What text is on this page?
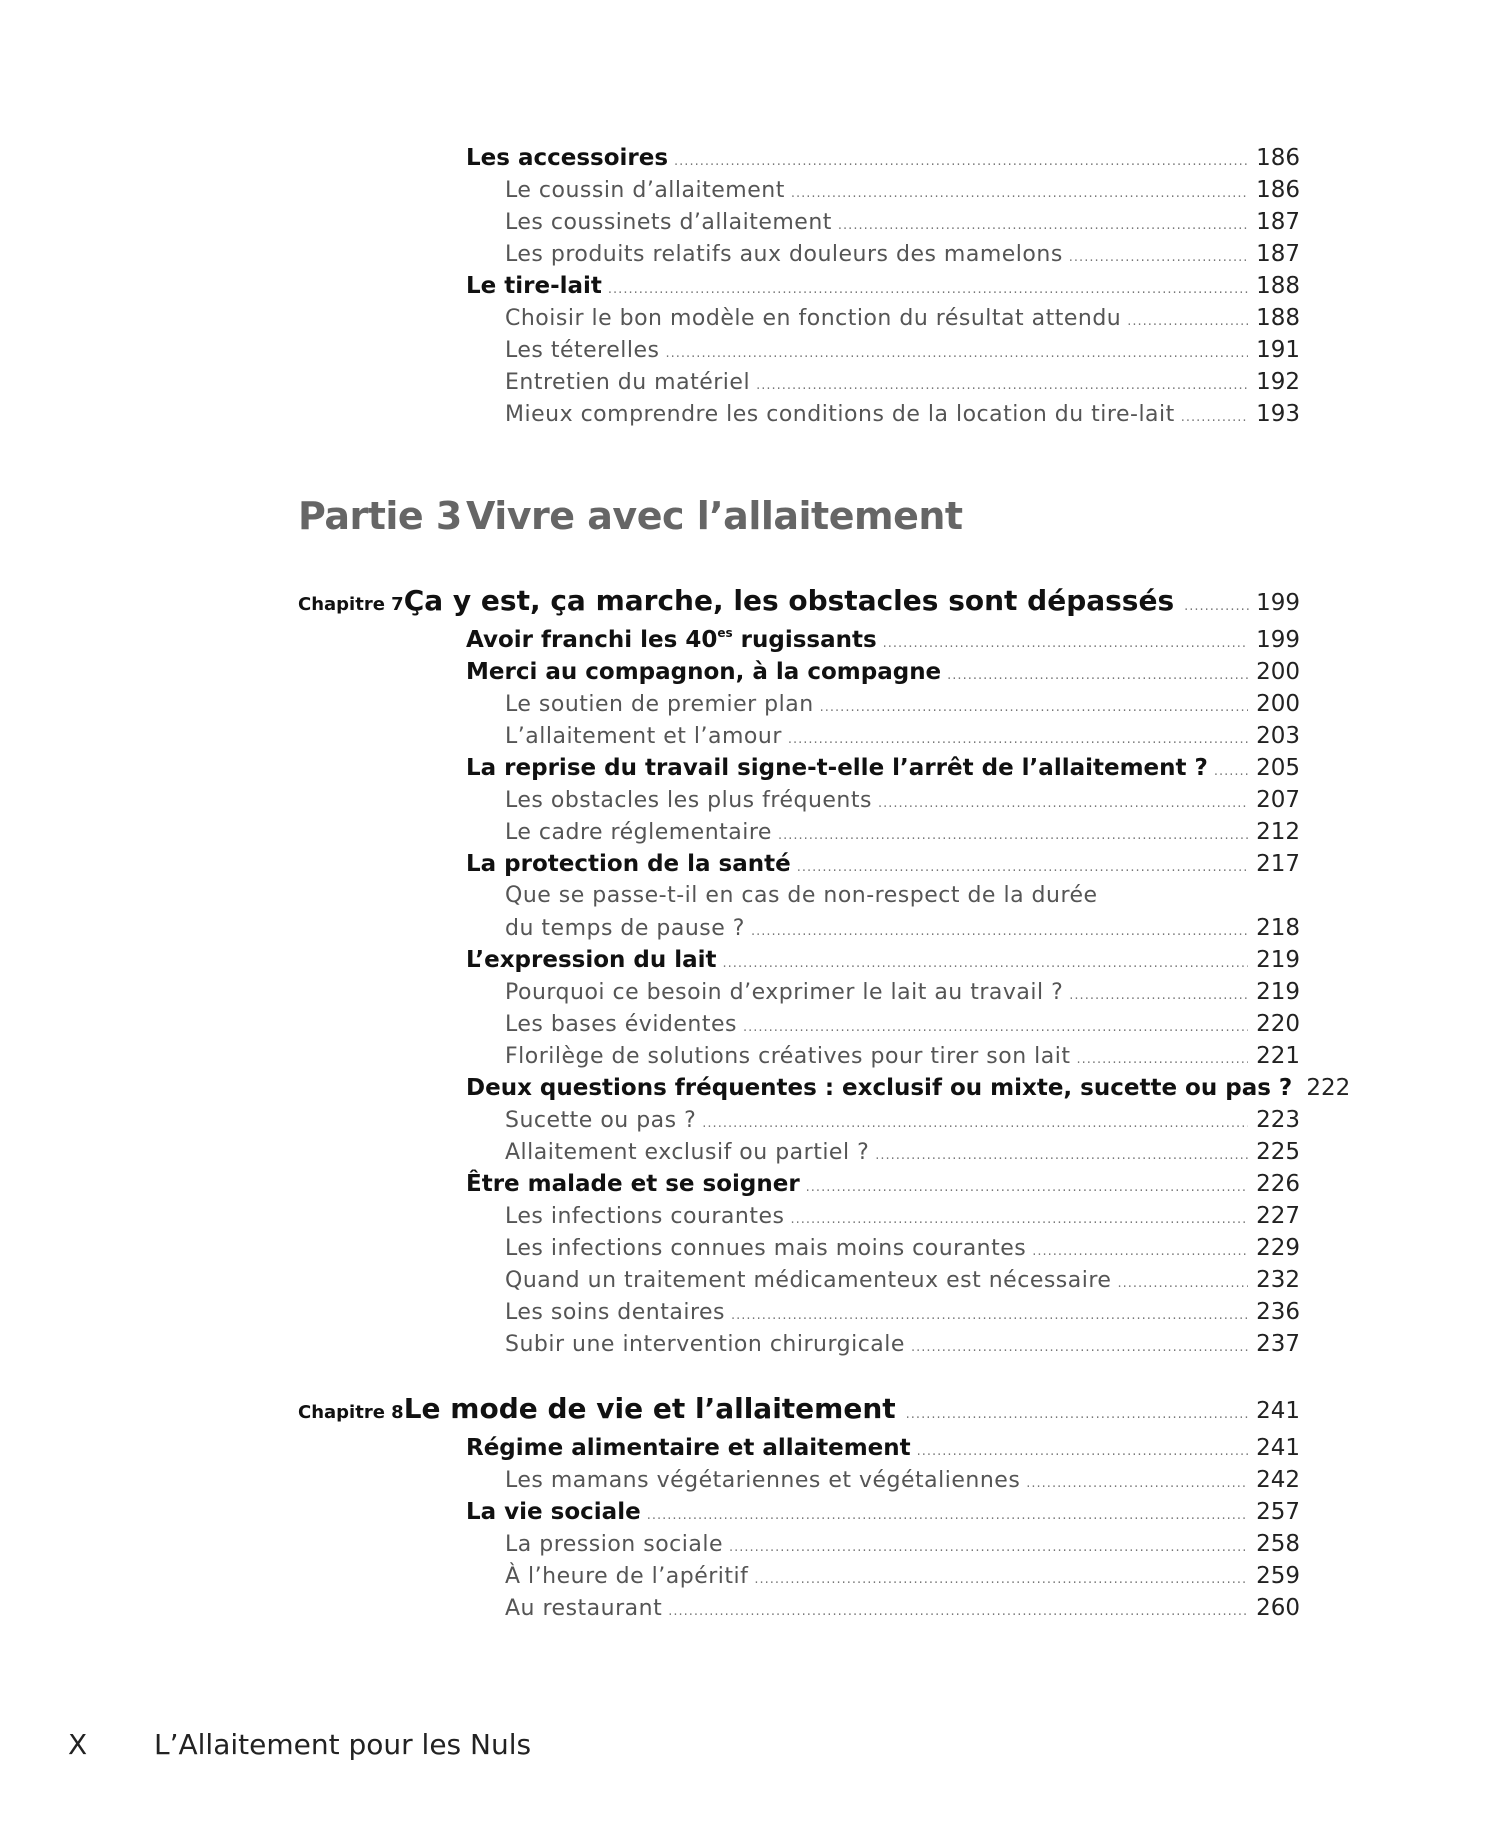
Les accessoires .....	186
Le coussin d’allaitement .....	186
Les coussinets d’allaitement .....	187
Les produits relatifs aux douleurs des mamelons .....	187
Le tire-lait .....	188
Choisir le bon modèle en fonction du résultat attendu .....	188
Les téterelles .....	191
Entretien du matériel .....	192
Mieux comprendre les conditions de la location du tire-lait .....	193
Partie 3 Vivre avec l’allaitement
Chapitre 7 Ça y est, ça marche, les obstacles sont dépassés .....	199
Avoir franchi les $40^{es}$ rugissants .....	199
Merci au compagnon, à la compagne .....	200
Le soutien de premier plan .....	200
L’allaitement et l’amour .....	203
La reprise du travail signe-t-elle l’arrêt de l’allaitement ? ..... 205
Les obstacles les plus fréquents .....	207
Le cadre réglementaire .....	212
La protection de la santé .....	217
Que se passe-t-il en cas de non-respect de la durée
du temps de pause ? .....	218
L’expression du lait .....	219
Pourquoi ce besoin d’exprimer le lait au travail ? .....	219
Les bases évidentes .....	220
Florilège de solutions créatives pour tirer son lait .....	221
Deux questions fréquentes : exclusif ou mixte, sucette ou pas ? 222
Sucette ou pas ? .....	223
Allaitement exclusif ou partiel ? .....	225
Être malade et se soigner .....	226
Les infections courantes .....	227
Les infections connues mais moins courantes .....	229
Quand un traitement médicamenteux est nécessaire .....	232
Les soins dentaires .....	236
Subir une intervention chirurgicale .....	237
Chapitre 8 Le mode de vie et l’allaitement .....	241
Régime alimentaire et allaitement .....	241
Les mamans végétariennes et végétaliennes .....	242
La vie sociale .....	257
La pression sociale .....	258
À l’heure de l’apéritif .....	259
Au restaurant .....	260
X L’Allaitement pour les Nuls
